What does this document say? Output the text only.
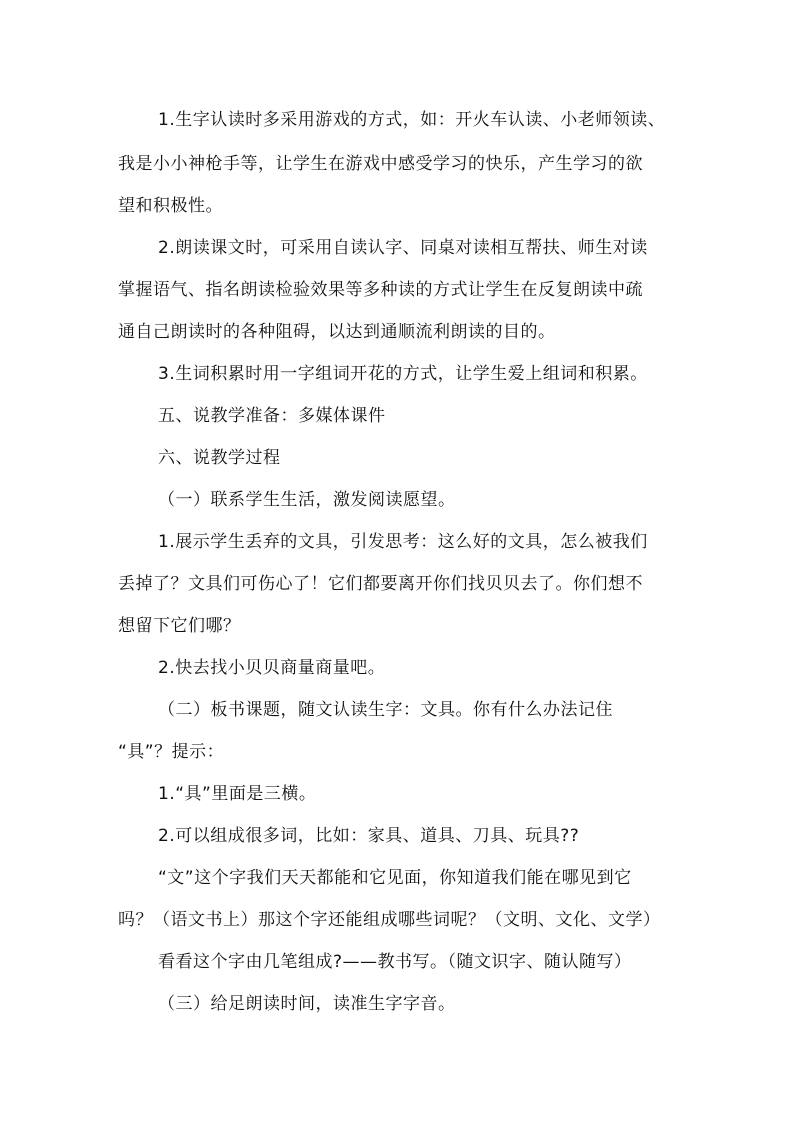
1.生字认读时多采用游戏的方式，如：开火车认读、小老师领读、
我是小小神枪手等，让学生在游戏中感受学习的快乐，产生学习的欲
望和积极性。
2.朗读课文时，可采用自读认字、同桌对读相互帮扶、师生对读
掌握语气、指名朗读检验效果等多种读的方式让学生在反复朗读中疏
通自己朗读时的各种阻碍，以达到通顺流利朗读的目的。
3.生词积累时用一字组词开花的方式，让学生爱上组词和积累。
五、说教学准备：多媒体课件
六、说教学过程
（一）联系学生生活，激发阅读愿望。
1.展示学生丢弃的文具，引发思考：这么好的文具，怎么被我们
丢掉了？文具们可伤心了！它们都要离开你们找贝贝去了。你们想不
想留下它们哪？
2.快去找小贝贝商量商量吧。
（二）板书课题，随文认读生字：文具。你有什么办法记住
“具”？提示：
1.“具”里面是三横。
2.可以组成很多词，比如：家具、道具、刀具、玩具??
“文”这个字我们天天都能和它见面，你知道我们能在哪见到它
吗？（语文书上）那这个字还能组成哪些词呢？（文明、文化、文学）
看看这个字由几笔组成?——教书写。（随文识字、随认随写）
（三）给足朗读时间，读准生字字音。
